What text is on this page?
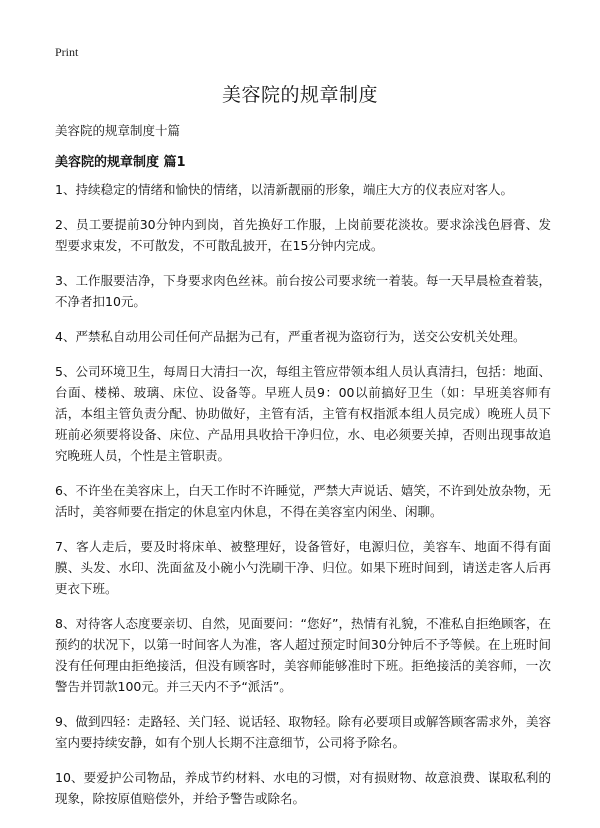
Print
美容院的规章制度
美容院的规章制度十篇
美容院的规章制度 篇1

1、持续稳定的情绪和愉快的情绪，以清新靓丽的形象，端庄大方的仪表应对客人。

2、员工要提前30分钟内到岗，首先换好工作服，上岗前要花淡妆。要求涂浅色唇膏、发型要求束发，不可散发，不可散乱披开，在15分钟内完成。

3、工作服要洁净，下身要求肉色丝袜。前台按公司要求统一着装。每一天早晨检查着装，不净者扣10元。

4、严禁私自动用公司任何产品据为己有，严重者视为盗窃行为，送交公安机关处理。

5、公司环境卫生，每周日大清扫一次，每组主管应带领本组人员认真清扫，包括：地面、台面、楼梯、玻璃、床位、设备等。早班人员9：00以前搞好卫生（如：早班美容师有活，本组主管负责分配、协助做好，主管有活，主管有权指派本组人员完成）晚班人员下班前必须要将设备、床位、产品用具收拾干净归位，水、电必须要关掉，否则出现事故追究晚班人员，个性是主管职责。

6、不许坐在美容床上，白天工作时不许睡觉，严禁大声说话、嬉笑，不许到处放杂物，无活时，美容师要在指定的休息室内休息，不得在美容室内闲坐、闲聊。

7、客人走后，要及时将床单、被整理好，设备管好，电源归位，美容车、地面不得有面膜、头发、水印、洗面盆及小碗小勺洗刷干净、归位。如果下班时间到，请送走客人后再更衣下班。

8、对待客人态度要亲切、自然，见面要问：“您好”，热情有礼貌，不准私自拒绝顾客，在预约的状况下，以第一时间客人为准，客人超过预定时间30分钟后不予等候。在上班时间没有任何理由拒绝接活，但没有顾客时，美容师能够准时下班。拒绝接活的美容师，一次警告并罚款100元。并三天内不予“派活”。

9、做到四轻：走路轻、关门轻、说话轻、取物轻。除有必要项目或解答顾客需求外，美容室内要持续安静，如有个别人长期不注意细节，公司将予除名。

10、要爱护公司物品，养成节约材料、水电的习惯，对有损财物、故意浪费、谋取私利的现象，除按原值赔偿外，并给予警告或除名。
